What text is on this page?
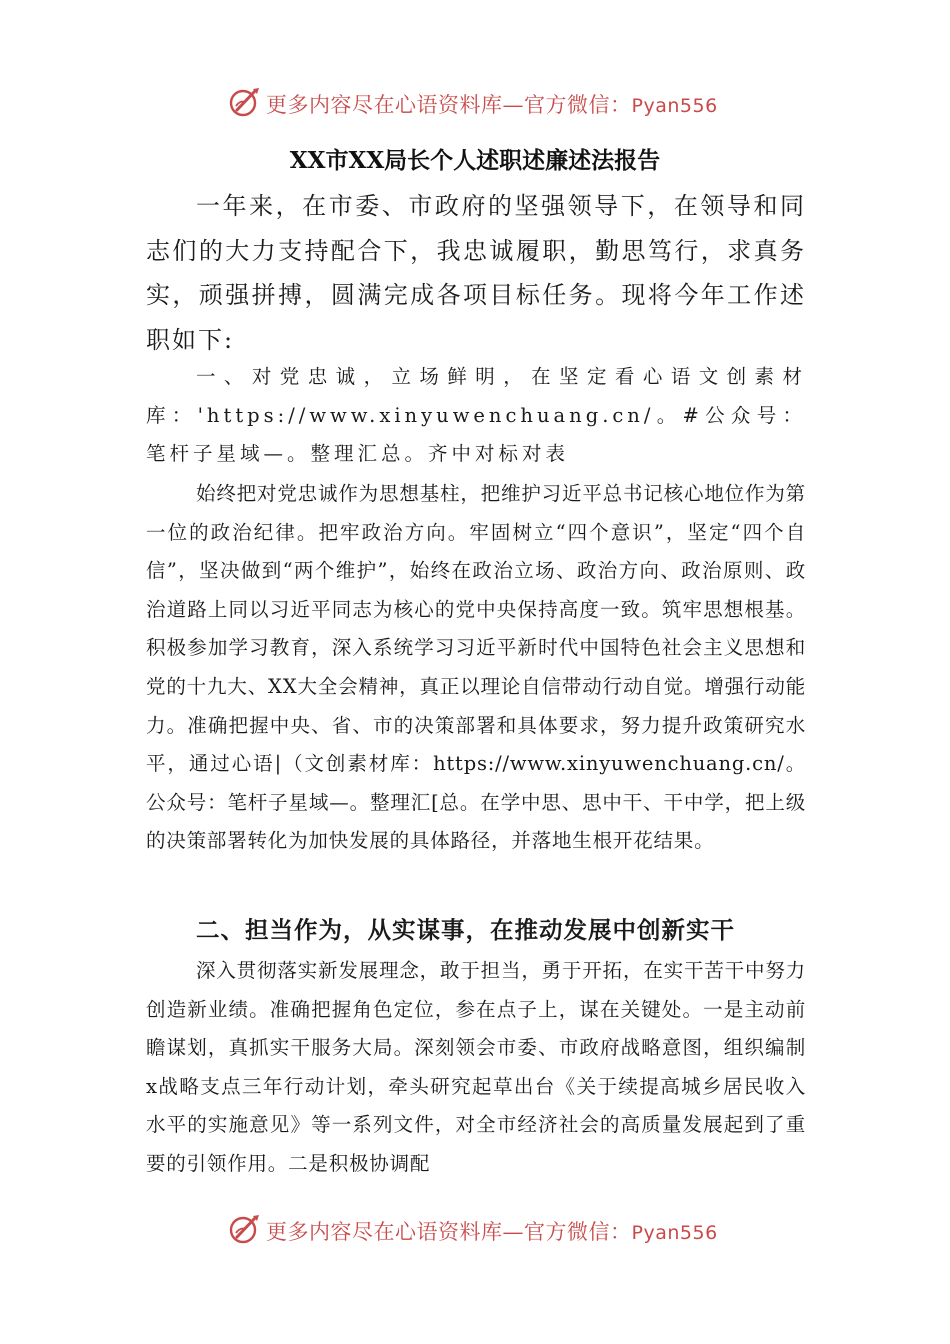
更多内容尽在心语资料库—官方微信：Pyan556
XX市XX局长个人述职述廉述法报告

一年来，在市委、市政府的坚强领导下，在领导和同志们的大力支持配合下，我忠诚履职，勤思笃行，求真务实，顽强拼搏，圆满完成各项目标任务。现将今年工作述职如下:

一、对党忠诚，立场鲜明，在坚定看心语文创素材库：'https://www.xinyuwenchuang.cn/。#公众号：笔杆子星域—。整理汇总。齐中对标对表

始终把对党忠诚作为思想基柱，把维护习近平总书记核心地位作为第一位的政治纪律。把牢政治方向。牢固树立“四个意识”，坚定“四个自信”，坚决做到“两个维护”，始终在政治立场、政治方向、政治原则、政治道路上同以习近平同志为核心的党中央保持高度一致。筑牢思想根基。积极参加学习教育，深入系统学习习近平新时代中国特色社会主义思想和党的十九大、XX大全会精神，真正以理论自信带动行动自觉。增强行动能力。准确把握中央、省、市的决策部署和具体要求，努力提升政策研究水平，通过心语|（文创素材库：https://www.xinyuwenchuang.cn/。公众号：笔杆子星域—。整理汇[总。在学中思、思中干、干中学，把上级的决策部署转化为加快发展的具体路径，并落地生根开花结果。

二、担当作为，从实谋事，在推动发展中创新实干

深入贯彻落实新发展理念，敢于担当，勇于开拓，在实干苦干中努力创造新业绩。准确把握角色定位，参在点子上，谋在关键处。一是主动前瞻谋划，真抓实干服务大局。深刻领会市委、市政府战略意图，组织编制x战略支点三年行动计划，牵头研究起草出台《关于续提高城乡居民收入水平的实施意见》等一系列文件，对全市经济社会的高质量发展起到了重要的引领作用。二是积极协调配

更多内容尽在心语资料库—官方微信：Pyan556
